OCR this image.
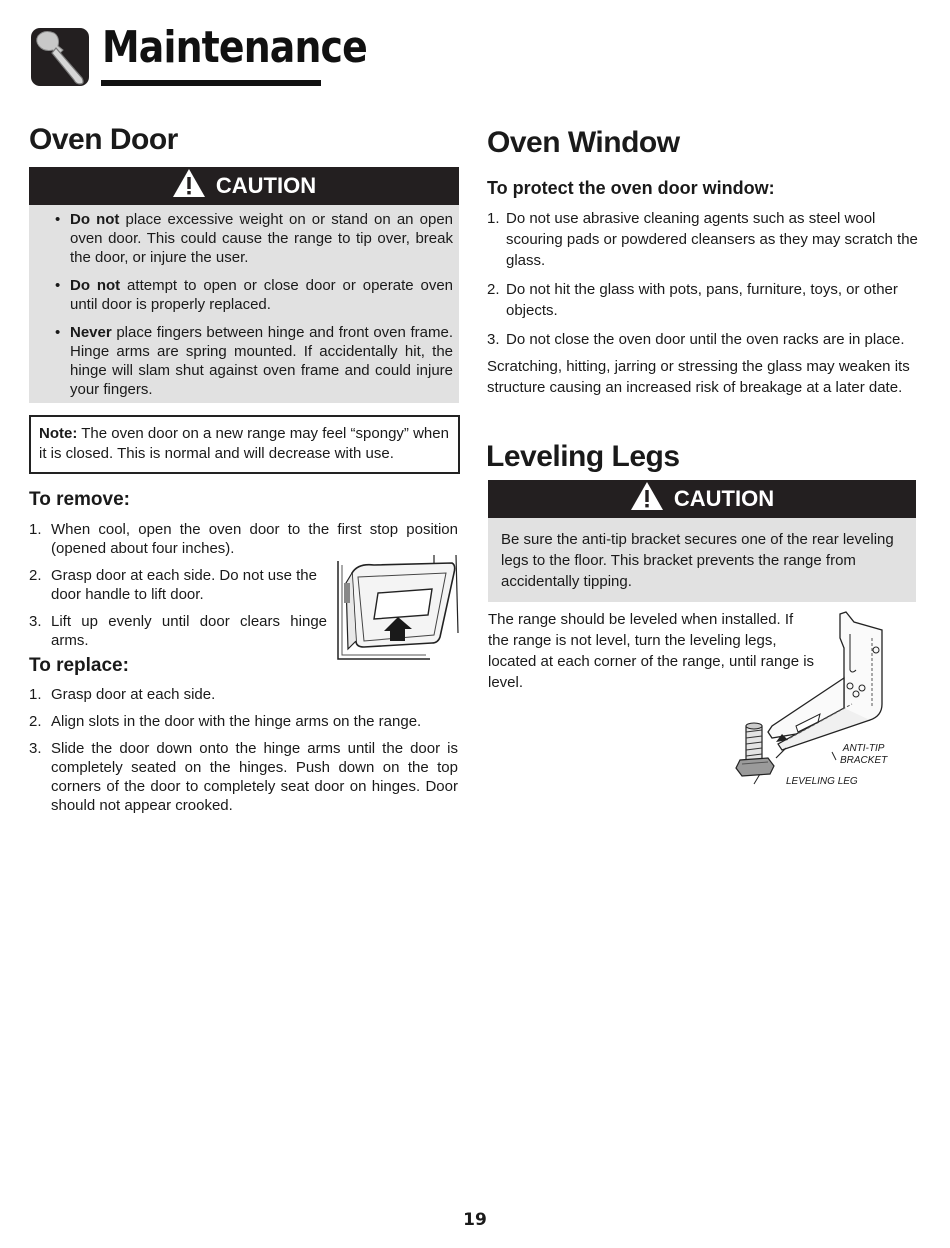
Maintenance
Oven Door
CAUTION
• Do not place excessive weight on or stand on an open oven door. This could cause the range to tip over, break the door, or injure the user.
• Do not attempt to open or close door or operate oven until door is properly replaced.
• Never place fingers between hinge and front oven frame. Hinge arms are spring mounted. If accidentally hit, the hinge will slam shut against oven frame and could injure your fingers.
Note: The oven door on a new range may feel “spongy” when it is closed. This is normal and will decrease with use.
To remove:
1. When cool, open the oven door to the first stop position (opened about four inches).
2. Grasp door at each side. Do not use the door handle to lift door.
3. Lift up evenly until door clears hinge arms.
To replace:
1. Grasp door at each side.
2. Align slots in the door with the hinge arms on the range.
3. Slide the door down onto the hinge arms until the door is completely seated on the hinges. Push down on the top corners of the door to completely seat door on hinges. Door should not appear crooked.
Oven Window
To protect the oven door window:
1. Do not use abrasive cleaning agents such as steel wool scouring pads or powdered cleansers as they may scratch the glass.
2. Do not hit the glass with pots, pans, furniture, toys, or other objects.
3. Do not close the oven door until the oven racks are in place.

Scratching, hitting, jarring or stressing the glass may weaken its structure causing an increased risk of breakage at a later date.

Leveling Legs
CAUTION
Be sure the anti-tip bracket secures one of the rear leveling legs to the floor. This bracket prevents the range from accidentally tipping.

The range should be leveled when installed. If the range is not level, turn the leveling legs, located at each corner of the range, until range is level.

ANTI-TIP
BRACKET
LEVELING LEG
19
